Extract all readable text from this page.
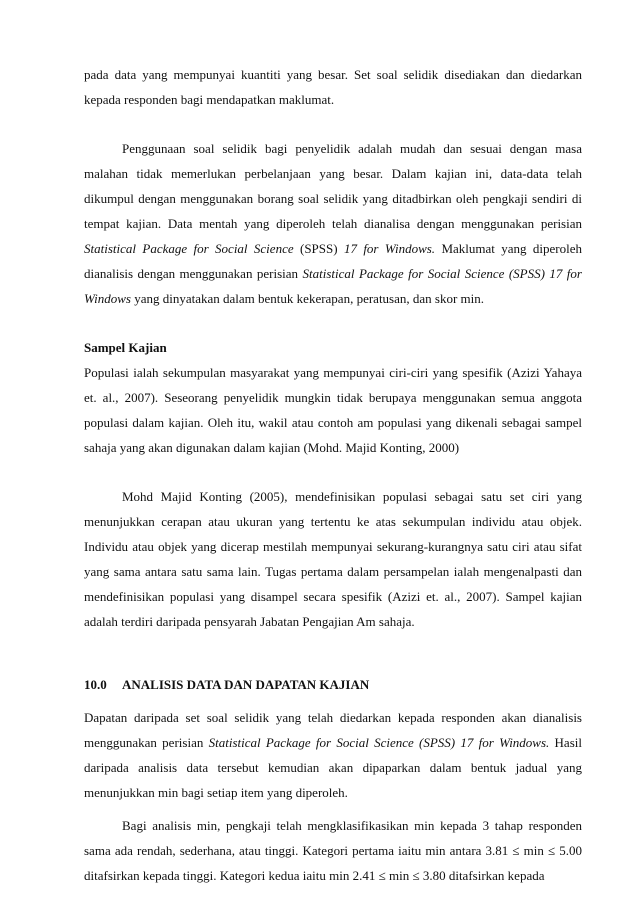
pada data yang mempunyai kuantiti yang besar. Set soal selidik disediakan dan diedarkan kepada responden bagi mendapatkan maklumat.

Penggunaan soal selidik bagi penyelidik adalah mudah dan sesuai dengan masa malahan tidak memerlukan perbelanjaan yang besar. Dalam kajian ini, data-data telah dikumpul dengan menggunakan borang soal selidik yang ditadbirkan oleh pengkaji sendiri di tempat kajian. Data mentah yang diperoleh telah dianalisa dengan menggunakan perisian Statistical Package for Social Science (SPSS) 17 for Windows. Maklumat yang diperoleh dianalisis dengan menggunakan perisian Statistical Package for Social Science (SPSS) 17 for Windows yang dinyatakan dalam bentuk kekerapan, peratusan, dan skor min.

Sampel Kajian

Populasi ialah sekumpulan masyarakat yang mempunyai ciri-ciri yang spesifik (Azizi Yahaya et. al., 2007). Seseorang penyelidik mungkin tidak berupaya menggunakan semua anggota populasi dalam kajian. Oleh itu, wakil atau contoh am populasi yang dikenali sebagai sampel sahaja yang akan digunakan dalam kajian (Mohd. Majid Konting, 2000)

Mohd Majid Konting (2005), mendefinisikan populasi sebagai satu set ciri yang menunjukkan cerapan atau ukuran yang tertentu ke atas sekumpulan individu atau objek. Individu atau objek yang dicerap mestilah mempunyai sekurang-kurangnya satu ciri atau sifat yang sama antara satu sama lain. Tugas pertama dalam persampelan ialah mengenalpasti dan mendefinisikan populasi yang disampel secara spesifik (Azizi et. al., 2007). Sampel kajian adalah terdiri daripada pensyarah Jabatan Pengajian Am sahaja.

10.0 ANALISIS DATA DAN DAPATAN KAJIAN

Dapatan daripada set soal selidik yang telah diedarkan kepada responden akan dianalisis menggunakan perisian Statistical Package for Social Science (SPSS) 17 for Windows. Hasil daripada analisis data tersebut kemudian akan dipaparkan dalam bentuk jadual yang menunjukkan min bagi setiap item yang diperoleh.

Bagi analisis min, pengkaji telah mengklasifikasikan min kepada 3 tahap responden sama ada rendah, sederhana, atau tinggi. Kategori pertama iaitu min antara 3.81 ≤ min ≤ 5.00 ditafsirkan kepada tinggi. Kategori kedua iaitu min 2.41 ≤ min ≤ 3.80 ditafsirkan kepada
